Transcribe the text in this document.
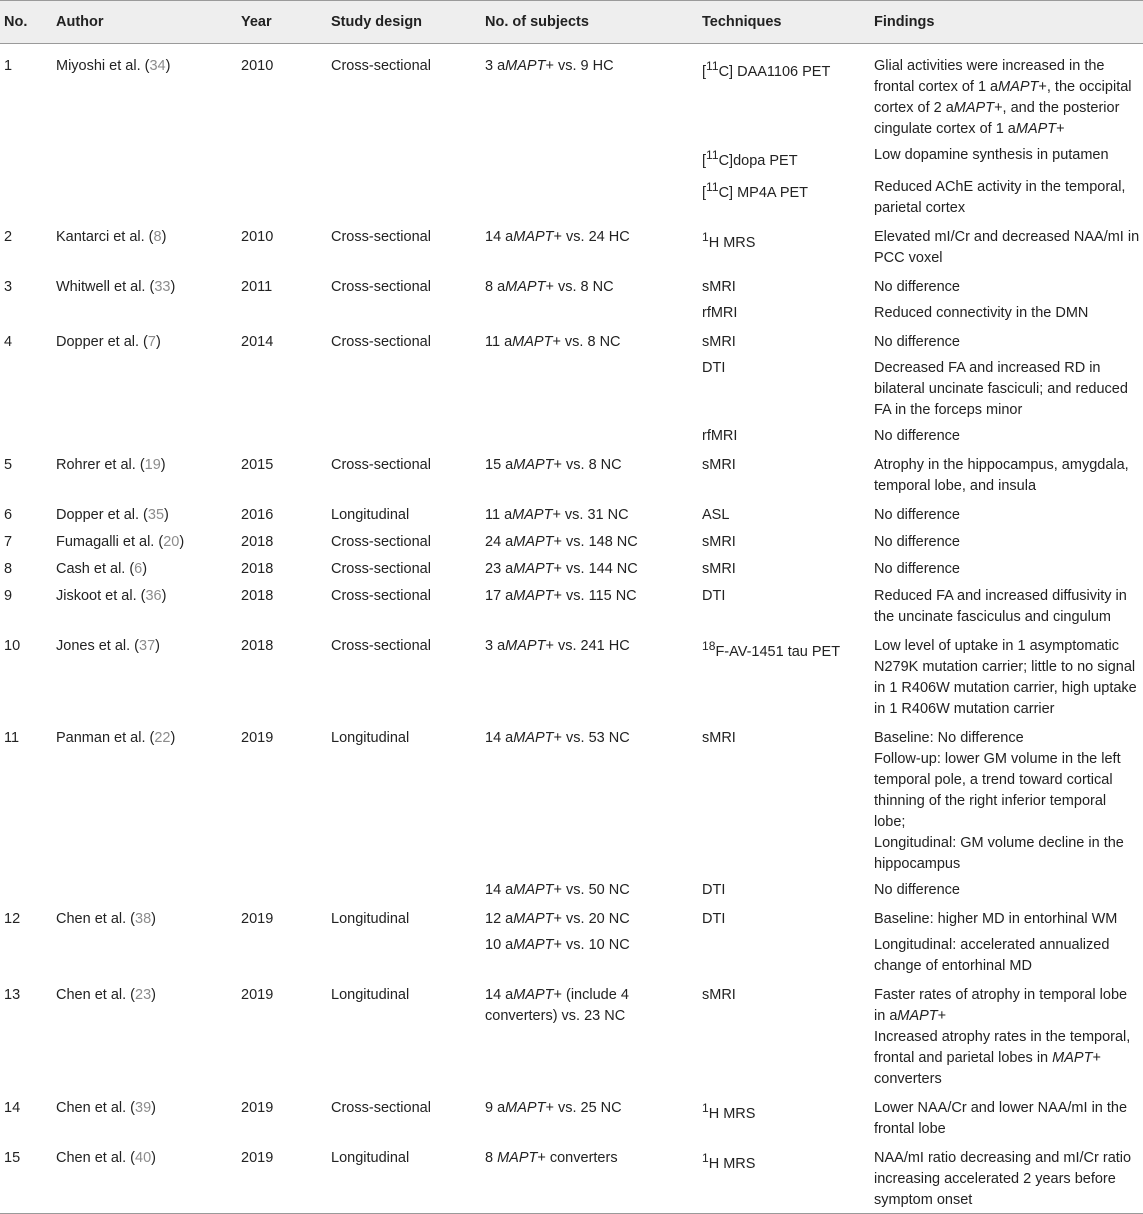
No.	Author	Year	Study design	No. of subjects	Techniques	Findings
1	Miyoshi et al. (34)	2010	Cross-sectional	3 aMAPT+ vs. 9 HC	[$^{11}$C] DAA1106 PET	Glial activities were increased in the frontal cortex of 1 aMAPT+, the occipital cortex of 2 aMAPT+, and the posterior cingulate cortex of 1 aMAPT+
					[$^{11}$C]dopa PET	Low dopamine synthesis in putamen
					[$^{11}$C] MP4A PET	Reduced AChE activity in the temporal, parietal cortex
2	Kantarci et al. (8)	2010	Cross-sectional	14 aMAPT+ vs. 24 HC	$^1$H MRS	Elevated mI/Cr and decreased NAA/mI in PCC voxel
3	Whitwell et al. (33)	2011	Cross-sectional	8 aMAPT+ vs. 8 NC	sMRI	No difference
					rfMRI	Reduced connectivity in the DMN
4	Dopper et al. (7)	2014	Cross-sectional	11 aMAPT+ vs. 8 NC	sMRI	No difference
					DTI	Decreased FA and increased RD in bilateral uncinate fasciculi; and reduced FA in the forceps minor
					rfMRI	No difference
5	Rohrer et al. (19)	2015	Cross-sectional	15 aMAPT+ vs. 8 NC	sMRI	Atrophy in the hippocampus, amygdala, temporal lobe, and insula
6	Dopper et al. (35)	2016	Longitudinal	11 aMAPT+ vs. 31 NC	ASL	No difference
7	Fumagalli et al. (20)	2018	Cross-sectional	24 aMAPT+ vs. 148 NC	sMRI	No difference
8	Cash et al. (6)	2018	Cross-sectional	23 aMAPT+ vs. 144 NC	sMRI	No difference
9	Jiskoot et al. (36)	2018	Cross-sectional	17 aMAPT+ vs. 115 NC	DTI	Reduced FA and increased diffusivity in the uncinate fasciculus and cingulum
10	Jones et al. (37)	2018	Cross-sectional	3 aMAPT+ vs. 241 HC	$^{18}$F-AV-1451 tau PET	Low level of uptake in 1 asymptomatic N279K mutation carrier; little to no signal in 1 R406W mutation carrier, high uptake in 1 R406W mutation carrier
11	Panman et al. (22)	2019	Longitudinal	14 aMAPT+ vs. 53 NC	sMRI	Baseline: No difference
Follow-up: lower GM volume in the left temporal pole, a trend toward cortical thinning of the right inferior temporal lobe;
Longitudinal: GM volume decline in the hippocampus
				14 aMAPT+ vs. 50 NC	DTI	No difference
12	Chen et al. (38)	2019	Longitudinal	12 aMAPT+ vs. 20 NC	DTI	Baseline: higher MD in entorhinal WM
				10 aMAPT+ vs. 10 NC		Longitudinal: accelerated annualized change of entorhinal MD
13	Chen et al. (23)	2019	Longitudinal	14 aMAPT+ (include 4 converters) vs. 23 NC	sMRI	Faster rates of atrophy in temporal lobe in aMAPT+
Increased atrophy rates in the temporal, frontal and parietal lobes in MAPT+ converters
14	Chen et al. (39)	2019	Cross-sectional	9 aMAPT+ vs. 25 NC	$^1$H MRS	Lower NAA/Cr and lower NAA/mI in the frontal lobe
15	Chen et al. (40)	2019	Longitudinal	8 MAPT+ converters	$^1$H MRS	NAA/mI ratio decreasing and mI/Cr ratio increasing accelerated 2 years before symptom onset
